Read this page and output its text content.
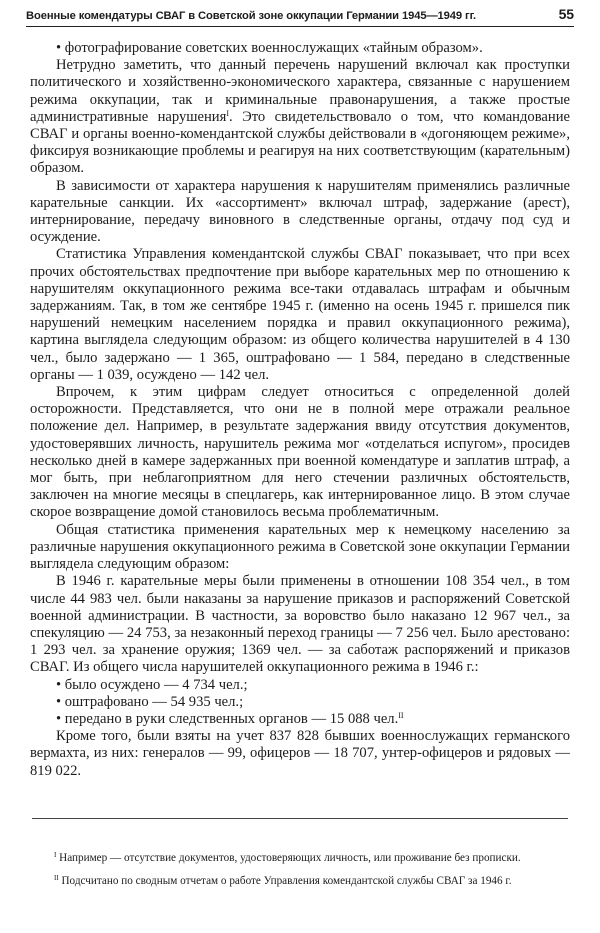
Военные комендатуры СВАГ в Советской зоне оккупации Германии 1945—1949 гг.	55

• фотографирование советских военнослужащих «тайным образом».

Нетрудно заметить, что данный перечень нарушений включал как проступки политического и хозяйственно-экономического характера, связанные с нарушением режима оккупации, так и криминальные правонарушения, а также простые административные нарушения$^I$. Это свидетельствовало о том, что командование СВАГ и органы военно-комендантской службы действовали в «догоняющем режиме», фиксируя возникающие проблемы и реагируя на них соответствующим (карательным) образом.

В зависимости от характера нарушения к нарушителям применялись различные карательные санкции. Их «ассортимент» включал штраф, задержание (арест), интернирование, передачу виновного в следственные органы, отдачу под суд и осуждение.

Статистика Управления комендантской службы СВАГ показывает, что при всех прочих обстоятельствах предпочтение при выборе карательных мер по отношению к нарушителям оккупационного режима все-таки отдавалась штрафам и обычным задержаниям. Так, в том же сентябре 1945 г. (именно на осень 1945 г. пришелся пик нарушений немецким населением порядка и правил оккупационного режима), картина выглядела следующим образом: из общего количества нарушителей в 4 130 чел., было задержано — 1 365, оштрафовано — 1 584, передано в следственные органы — 1 039, осуждено — 142 чел.

Впрочем, к этим цифрам следует относиться с определенной долей осторожности. Представляется, что они не в полной мере отражали реальное положение дел. Например, в результате задержания ввиду отсутствия документов, удостоверявших личность, нарушитель режима мог «отделаться испугом», просидев несколько дней в камере задержанных при военной комендатуре и заплатив штраф, а мог быть, при неблагоприятном для него стечении различных обстоятельств, заключен на многие месяцы в спецлагерь, как интернированное лицо. В этом случае скорое возвращение домой становилось весьма проблематичным.

Общая статистика применения карательных мер к немецкому населению за различные нарушения оккупационного режима в Советской зоне оккупации Германии выглядела следующим образом:

В 1946 г. карательные меры были применены в отношении 108 354 чел., в том числе 44 983 чел. были наказаны за нарушение приказов и распоряжений Советской военной администрации. В частности, за воровство было наказано 12 967 чел., за спекуляцию — 24 753, за незаконный переход границы — 7 256 чел. Было арестовано: 1 293 чел. за хранение оружия; 1369 чел. — за саботаж распоряжений и приказов СВАГ. Из общего числа нарушителей оккупационного режима в 1946 г.:

• было осуждено — 4 734 чел.;

• оштрафовано — 54 935 чел.;

• передано в руки следственных органов — 15 088 чел.$^{II}$

Кроме того, были взяты на учет 837 828 бывших военнослужащих германского вермахта, из них: генералов — 99, офицеров — 18 707, унтер-офицеров и рядовых — 819 022.

$^I$ Например — отсутствие документов, удостоверяющих личность, или проживание без прописки.

$^{II}$ Подсчитано по сводным отчетам о работе Управления комендантской службы СВАГ за 1946 г.
